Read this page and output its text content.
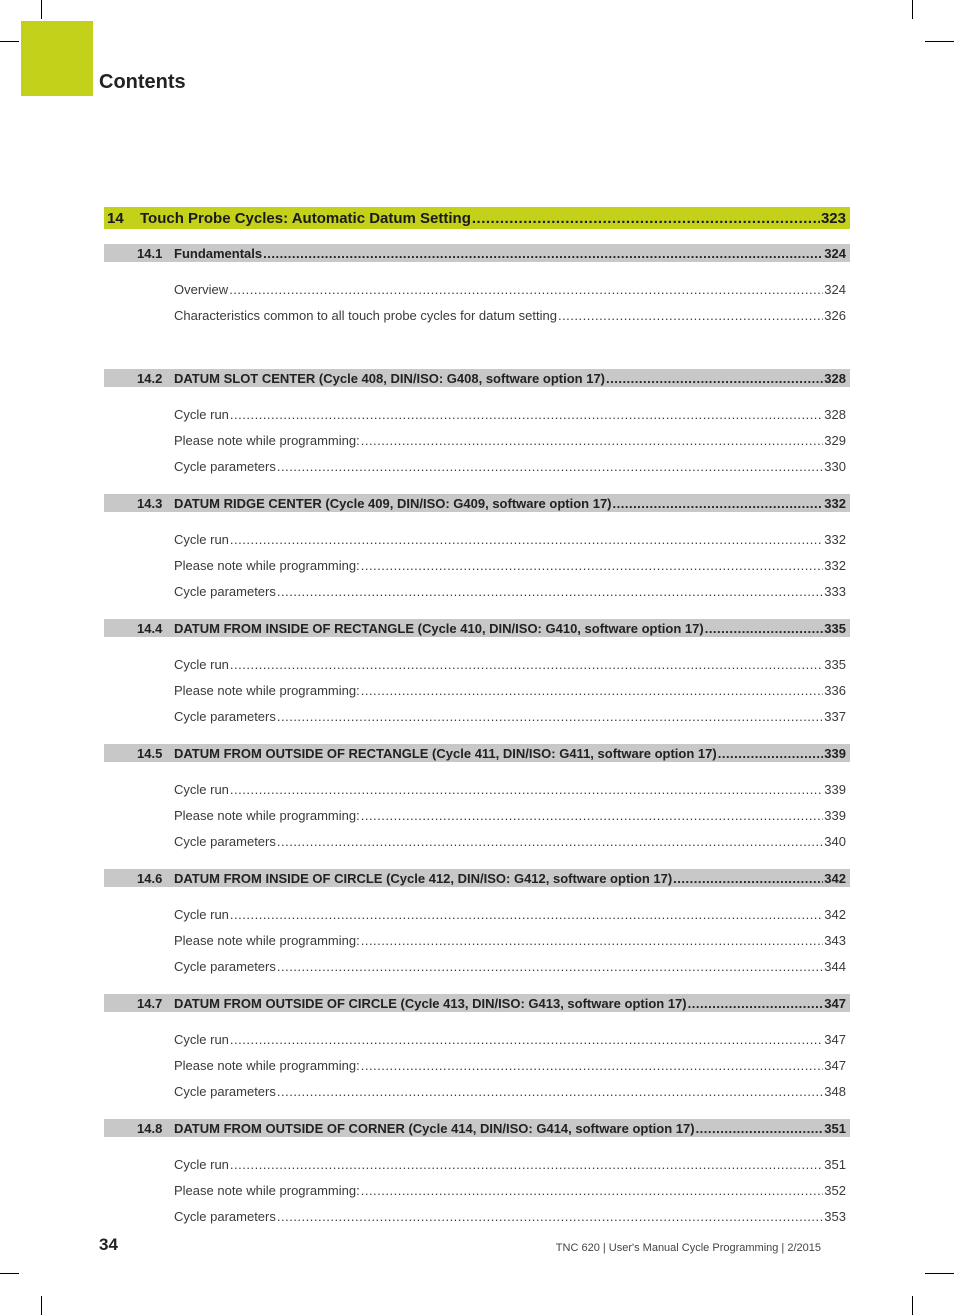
Contents
14	Touch Probe Cycles: Automatic Datum Setting .....	323
14.1 Fundamentals .....	324
Overview .....	324
Characteristics common to all touch probe cycles for datum setting .....	326
14.2 DATUM SLOT CENTER (Cycle 408, DIN/ISO: G408, software option 17) .....	328
Cycle run .....	328
Please note while programming: .....	329
Cycle parameters .....	330
14.3 DATUM RIDGE CENTER (Cycle 409, DIN/ISO: G409, software option 17) .....	332
Cycle run .....	332
Please note while programming: .....	332
Cycle parameters .....	333
14.4 DATUM FROM INSIDE OF RECTANGLE (Cycle 410, DIN/ISO: G410, software option 17) .....	335
Cycle run .....	335
Please note while programming: .....	336
Cycle parameters .....	337
14.5 DATUM FROM OUTSIDE OF RECTANGLE (Cycle 411, DIN/ISO: G411, software option 17) .....	339
Cycle run .....	339
Please note while programming: .....	339
Cycle parameters .....	340
14.6 DATUM FROM INSIDE OF CIRCLE (Cycle 412, DIN/ISO: G412, software option 17) .....	342
Cycle run .....	342
Please note while programming: .....	343
Cycle parameters .....	344
14.7 DATUM FROM OUTSIDE OF CIRCLE (Cycle 413, DIN/ISO: G413, software option 17) .....	347
Cycle run .....	347
Please note while programming: .....	347
Cycle parameters .....	348
14.8 DATUM FROM OUTSIDE OF CORNER (Cycle 414, DIN/ISO: G414, software option 17) .....	351
Cycle run .....	351
Please note while programming: .....	352
Cycle parameters .....	353
34	TNC 620 | User's Manual Cycle Programming | 2/2015
